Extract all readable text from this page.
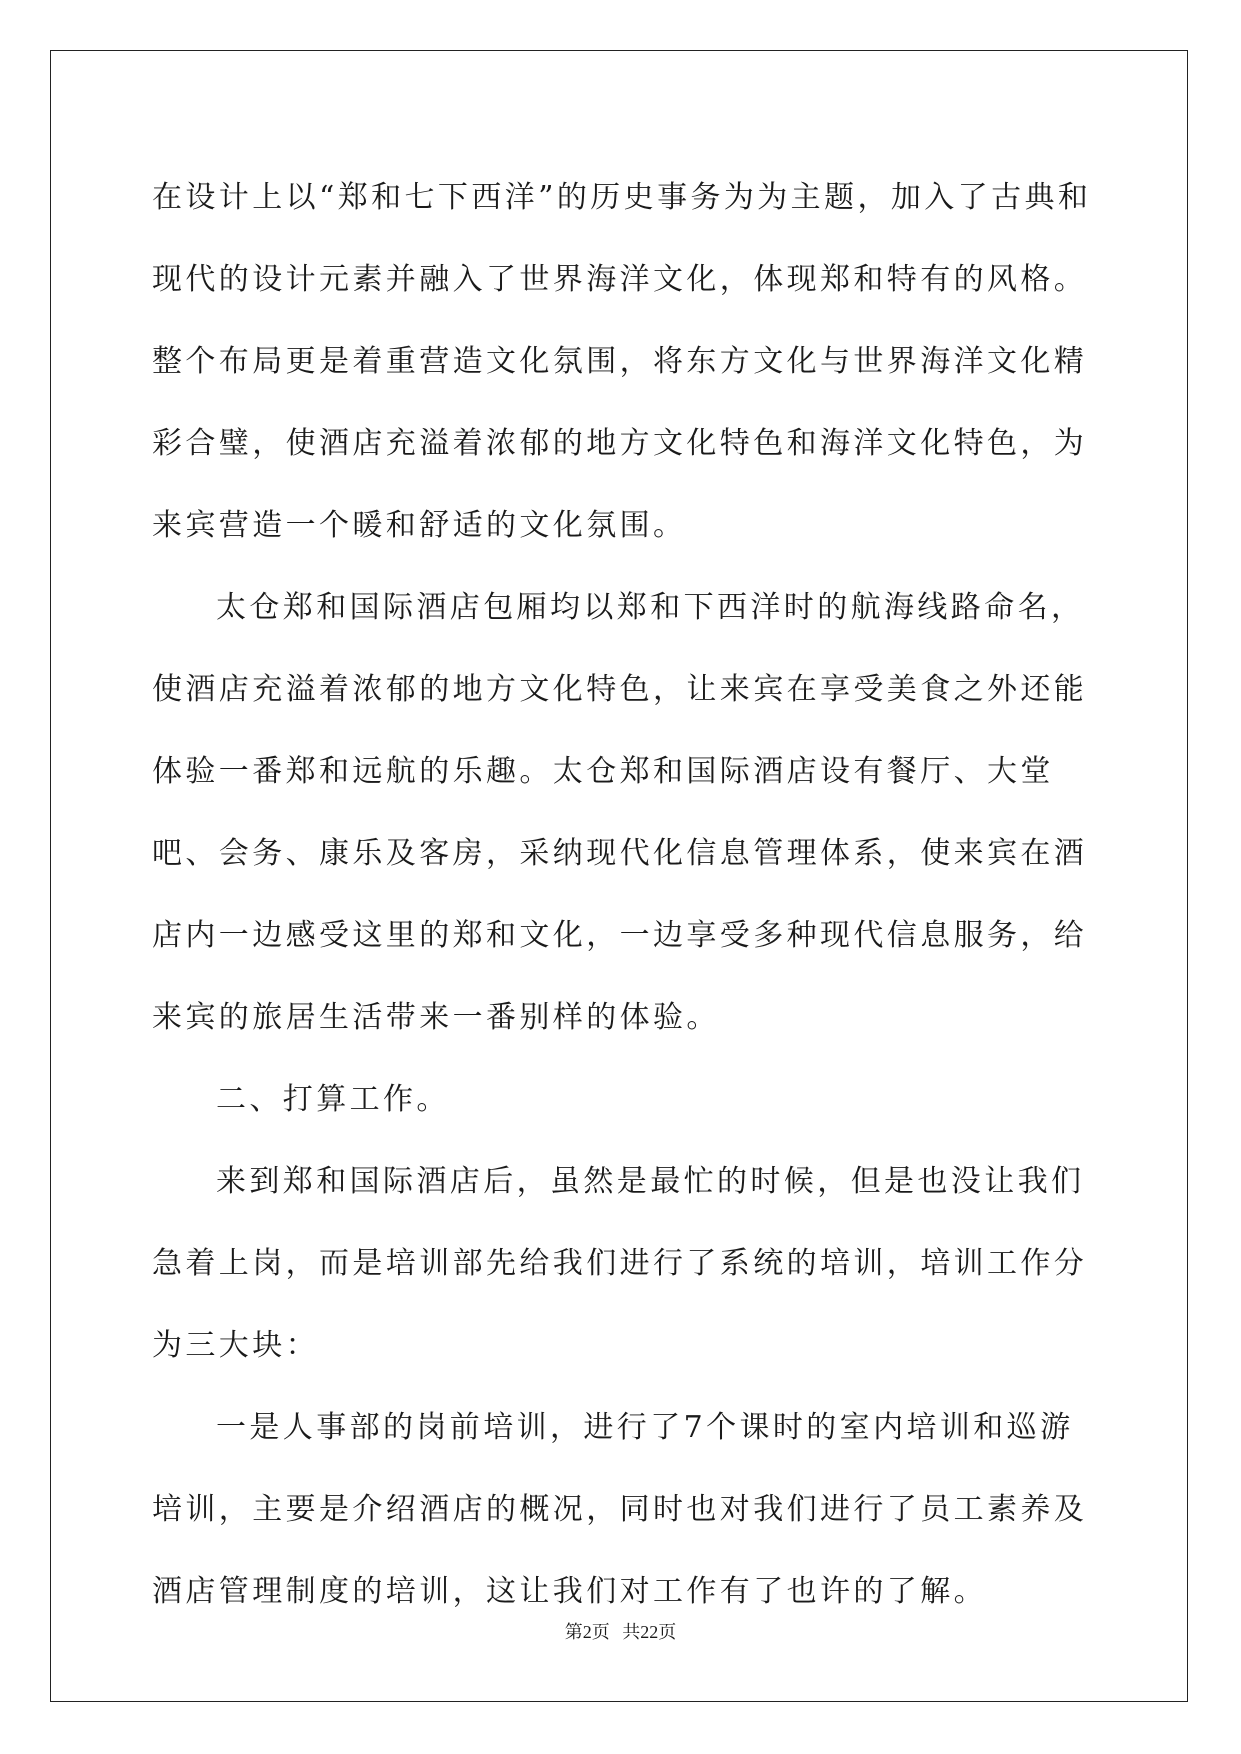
在设计上以“郑和七下西洋”的历史事务为为主题，加入了古典和现代的设计元素并融入了世界海洋文化，体现郑和特有的风格。整个布局更是着重营造文化氛围，将东方文化与世界海洋文化精彩合璧，使酒店充溢着浓郁的地方文化特色和海洋文化特色，为来宾营造一个暖和舒适的文化氛围。

太仓郑和国际酒店包厢均以郑和下西洋时的航海线路命名，使酒店充溢着浓郁的地方文化特色，让来宾在享受美食之外还能体验一番郑和远航的乐趣。太仓郑和国际酒店设有餐厅、大堂吧、会务、康乐及客房，采纳现代化信息管理体系，使来宾在酒店内一边感受这里的郑和文化，一边享受多种现代信息服务，给来宾的旅居生活带来一番别样的体验。

二、打算工作。

来到郑和国际酒店后，虽然是最忙的时候，但是也没让我们急着上岗，而是培训部先给我们进行了系统的培训，培训工作分为三大块：

一是人事部的岗前培训，进行了7个课时的室内培训和巡游培训，主要是介绍酒店的概况，同时也对我们进行了员工素养及酒店管理制度的培训，这让我们对工作有了也许的了解。

第2页 共22页
